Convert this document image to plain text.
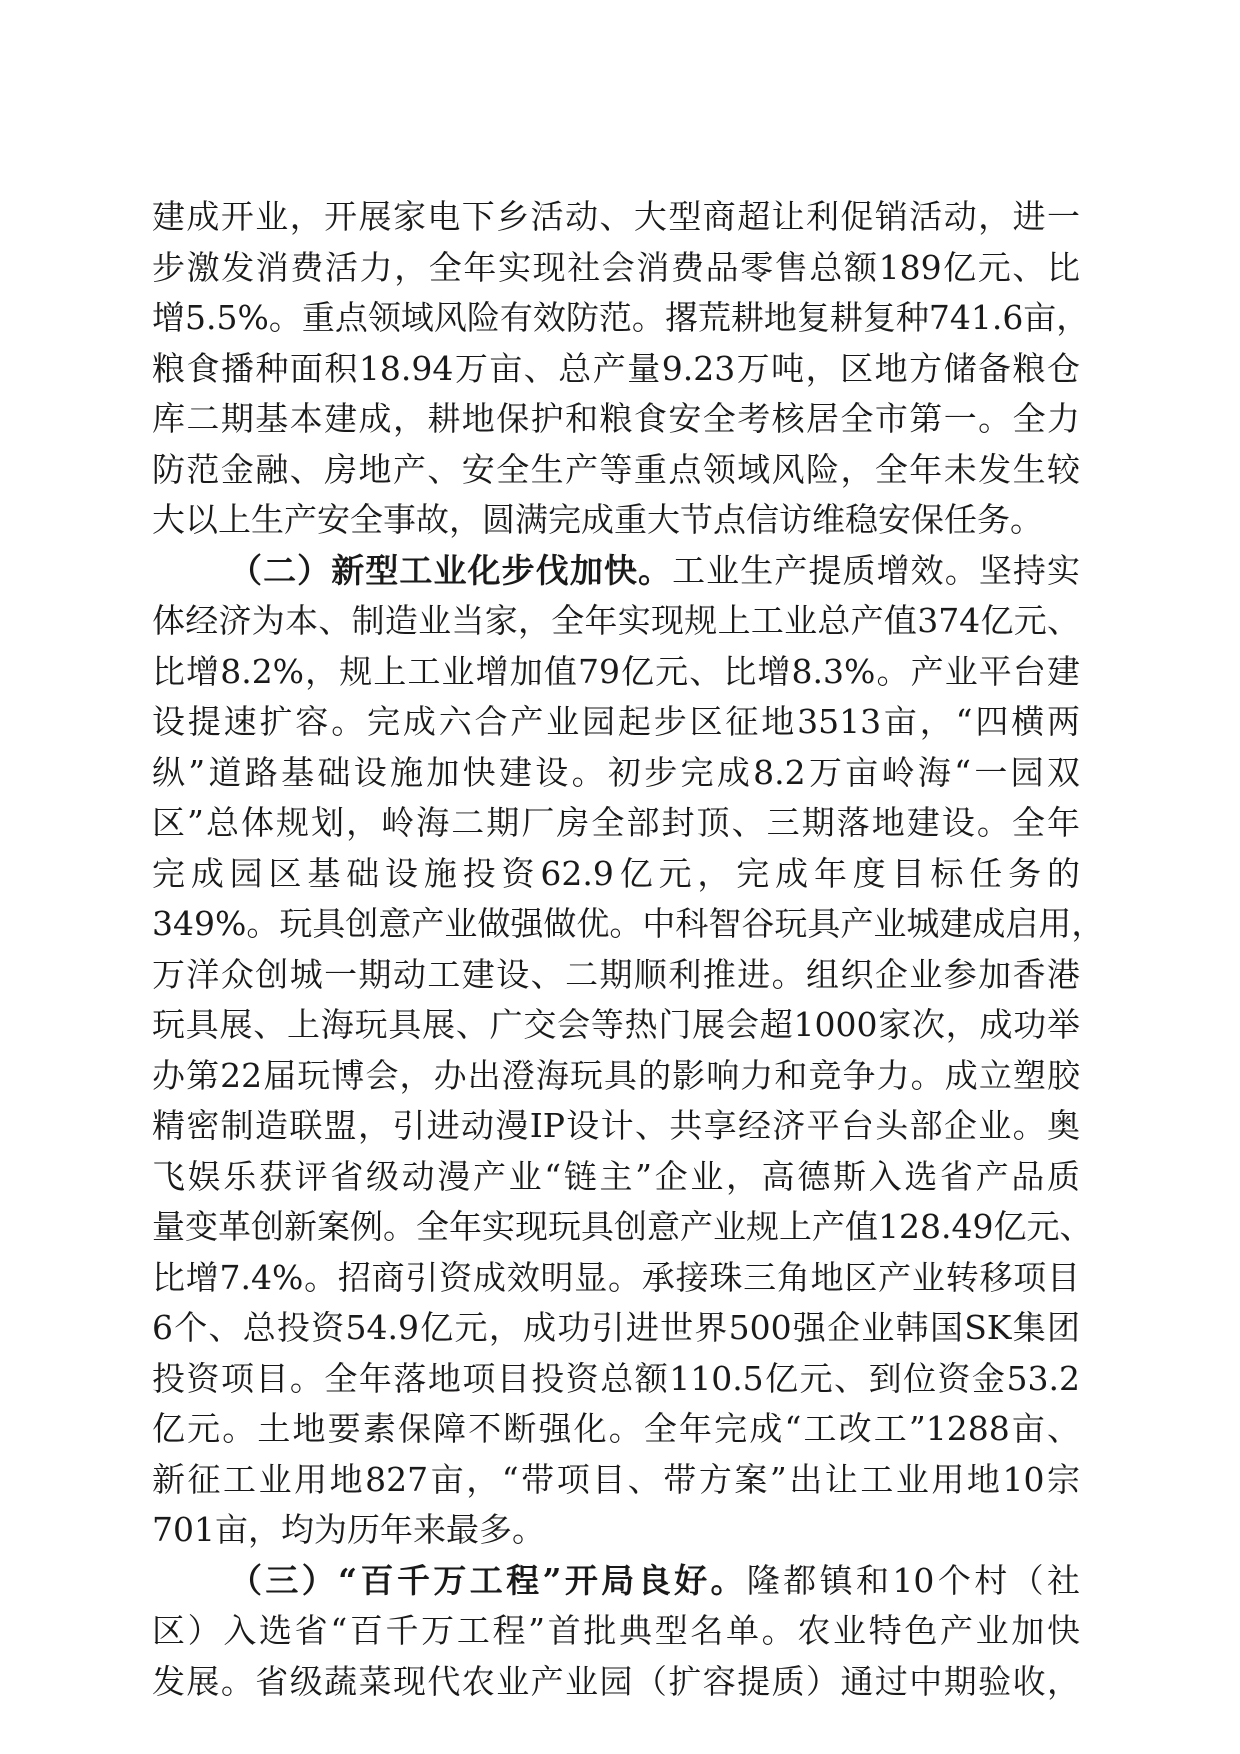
建成开业，开展家电下乡活动、大型商超让利促销活动，进一
步激发消费活力，全年实现社会消费品零售总额189亿元、比
增5.5%。重点领域风险有效防范。撂荒耕地复耕复种741.6亩，
粮食播种面积18.94万亩、总产量9.23万吨，区地方储备粮仓
库二期基本建成，耕地保护和粮食安全考核居全市第一。全力
防范金融、房地产、安全生产等重点领域风险，全年未发生较
大以上生产安全事故，圆满完成重大节点信访维稳安保任务。
（二）新型工业化步伐加快。工业生产提质增效。坚持实
体经济为本、制造业当家，全年实现规上工业总产值374亿元、
比增8.2%，规上工业增加值79亿元、比增8.3%。产业平台建
设提速扩容。完成六合产业园起步区征地3513亩，“四横两
纵”道路基础设施加快建设。初步完成8.2万亩岭海“一园双
区”总体规划，岭海二期厂房全部封顶、三期落地建设。全年
完成园区基础设施投资62.9亿元，完成年度目标任务的
349%。玩具创意产业做强做优。中科智谷玩具产业城建成启用，
万洋众创城一期动工建设、二期顺利推进。组织企业参加香港
玩具展、上海玩具展、广交会等热门展会超1000家次，成功举
办第22届玩博会，办出澄海玩具的影响力和竞争力。成立塑胶
精密制造联盟，引进动漫IP设计、共享经济平台头部企业。奥
飞娱乐获评省级动漫产业“链主”企业，高德斯入选省产品质
量变革创新案例。全年实现玩具创意产业规上产值128.49亿元、
比增7.4%。招商引资成效明显。承接珠三角地区产业转移项目
6个、总投资54.9亿元，成功引进世界500强企业韩国SK集团
投资项目。全年落地项目投资总额110.5亿元、到位资金53.2
亿元。土地要素保障不断强化。全年完成“工改工”1288亩、
新征工业用地827亩，“带项目、带方案”出让工业用地10宗
701亩，均为历年来最多。
（三）“百千万工程”开局良好。隆都镇和10个村（社
区）入选省“百千万工程”首批典型名单。农业特色产业加快
发展。省级蔬菜现代农业产业园（扩容提质）通过中期验收，
